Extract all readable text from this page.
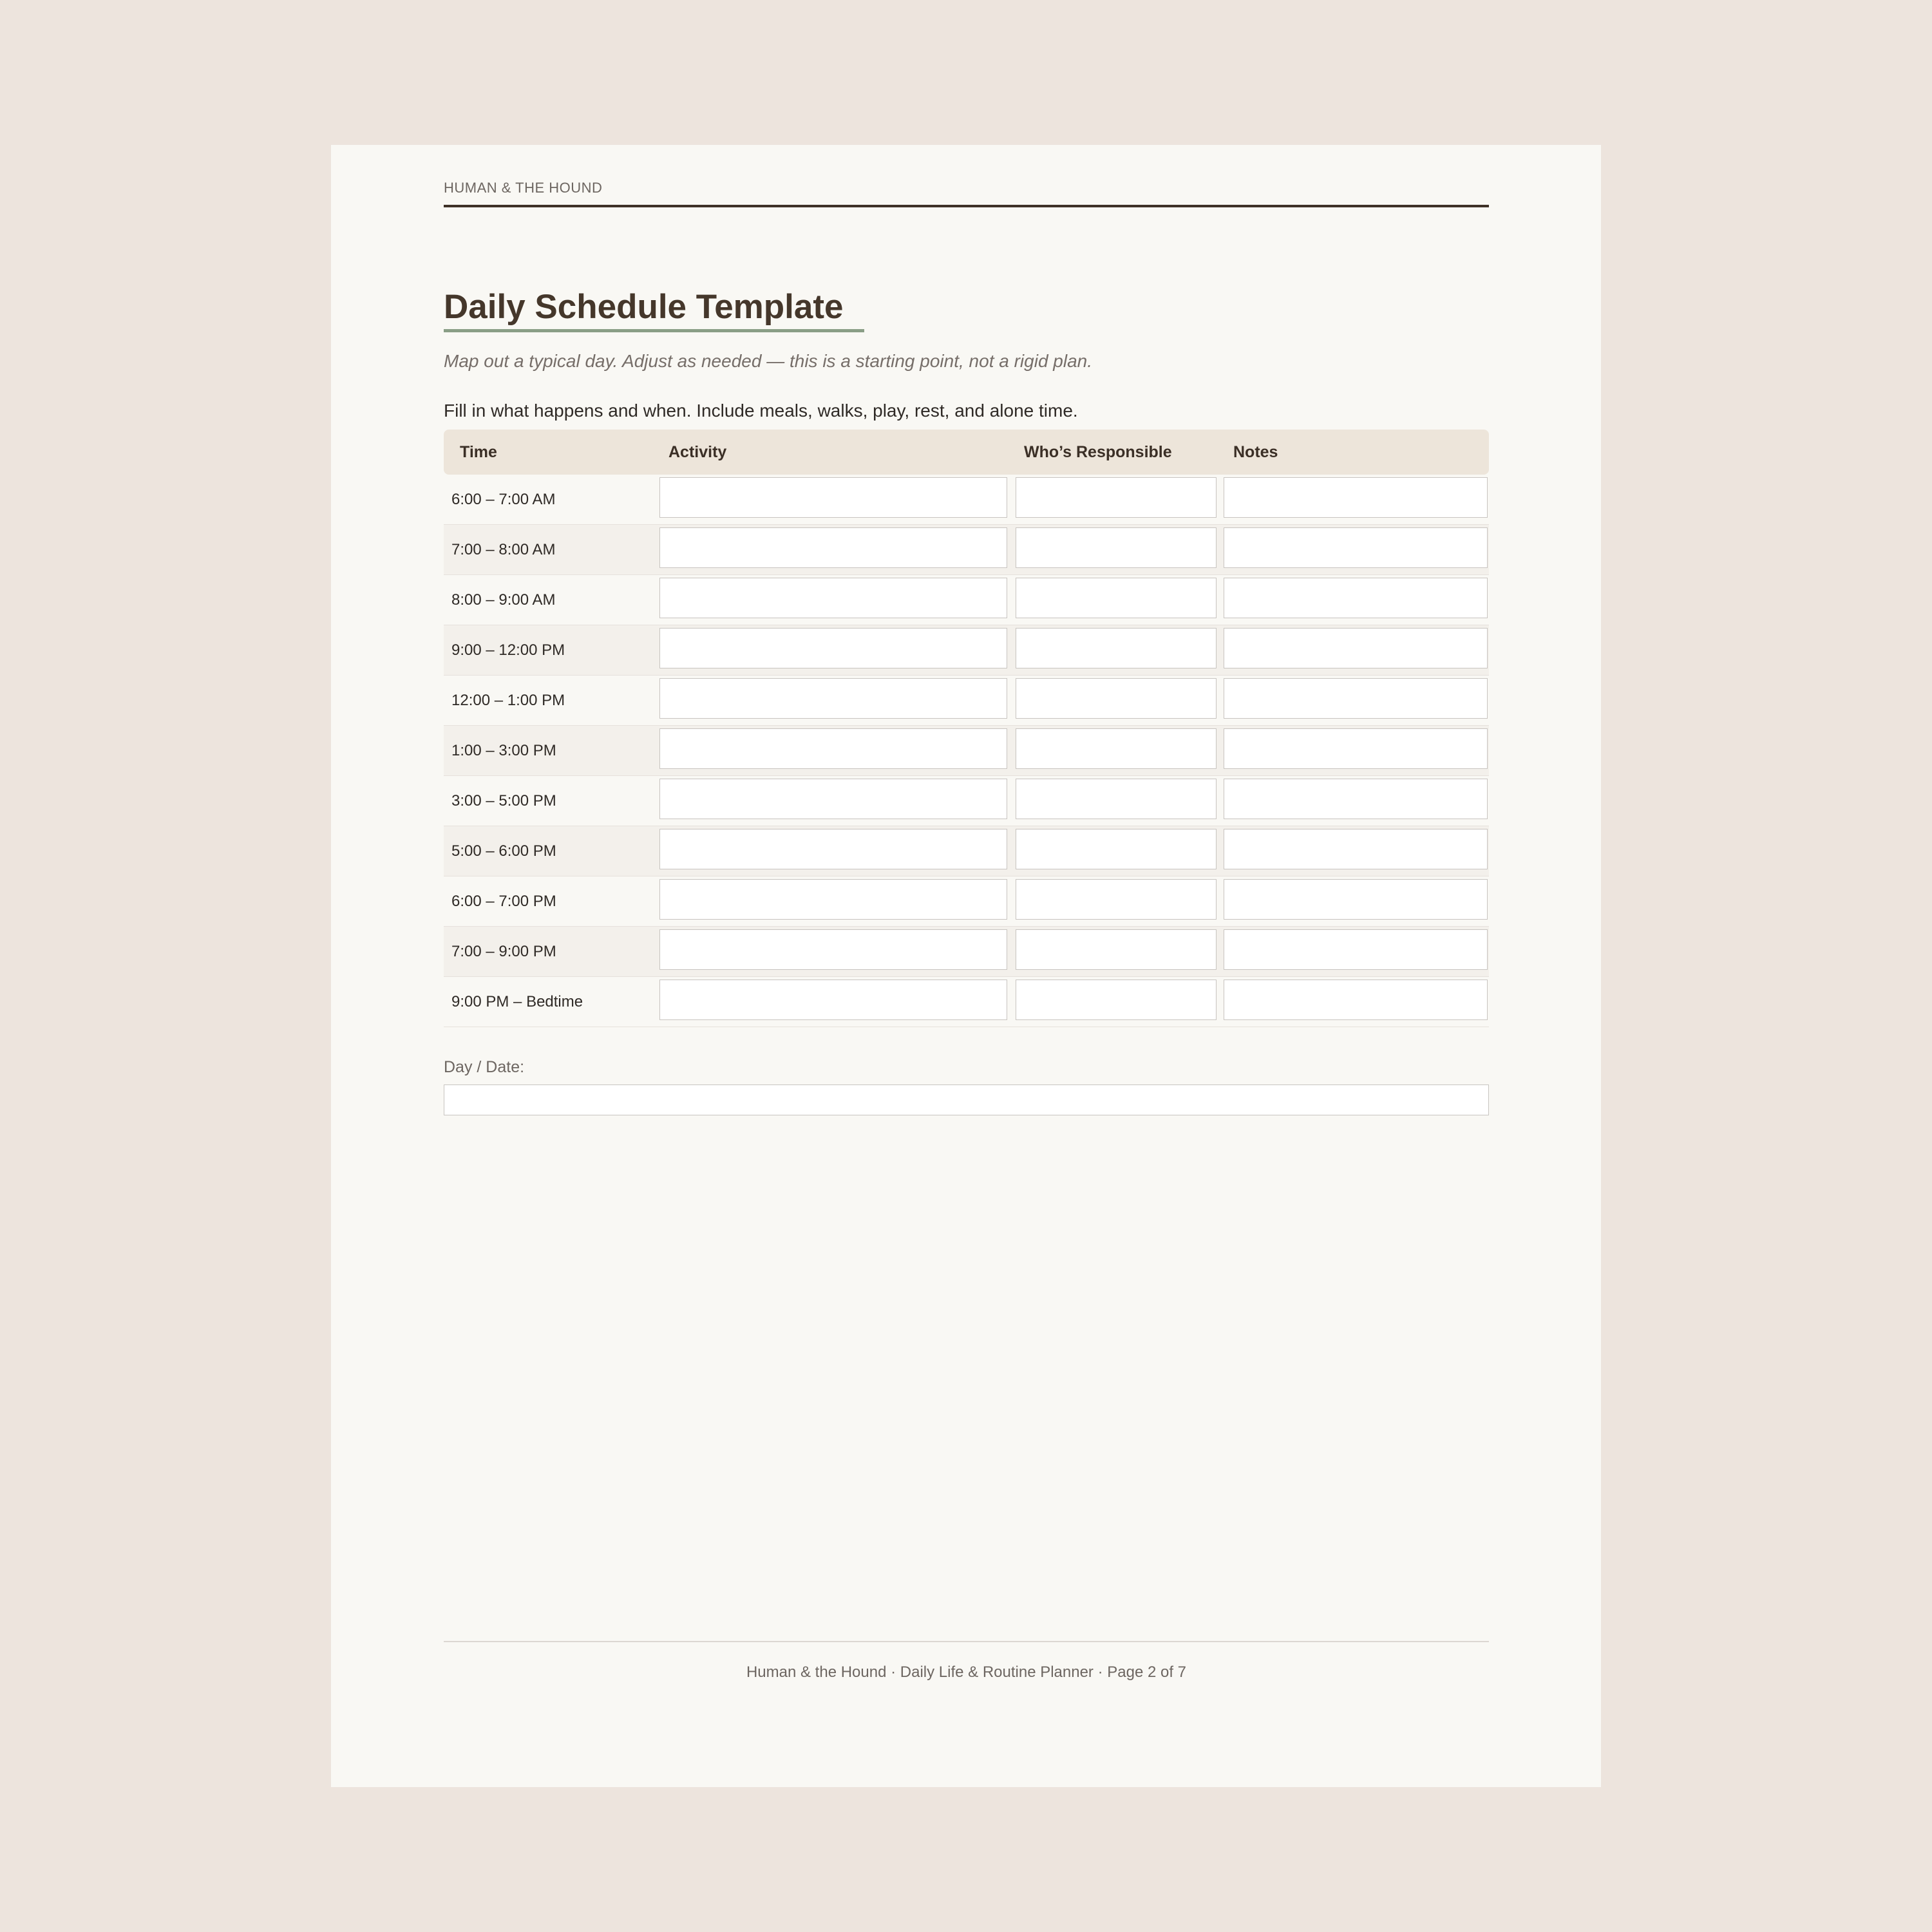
HUMAN & THE HOUND
Daily Schedule Template
Map out a typical day. Adjust as needed — this is a starting point, not a rigid plan.
Fill in what happens and when. Include meals, walks, play, rest, and alone time.
Time	Activity	Who’s Responsible	Notes
6:00 – 7:00 AM
7:00 – 8:00 AM
8:00 – 9:00 AM
9:00 – 12:00 PM
12:00 – 1:00 PM
1:00 – 3:00 PM
3:00 – 5:00 PM
5:00 – 6:00 PM
6:00 – 7:00 PM
7:00 – 9:00 PM
9:00 PM – Bedtime
Day / Date:
Human & the Hound · Daily Life & Routine Planner · Page 2 of 7
